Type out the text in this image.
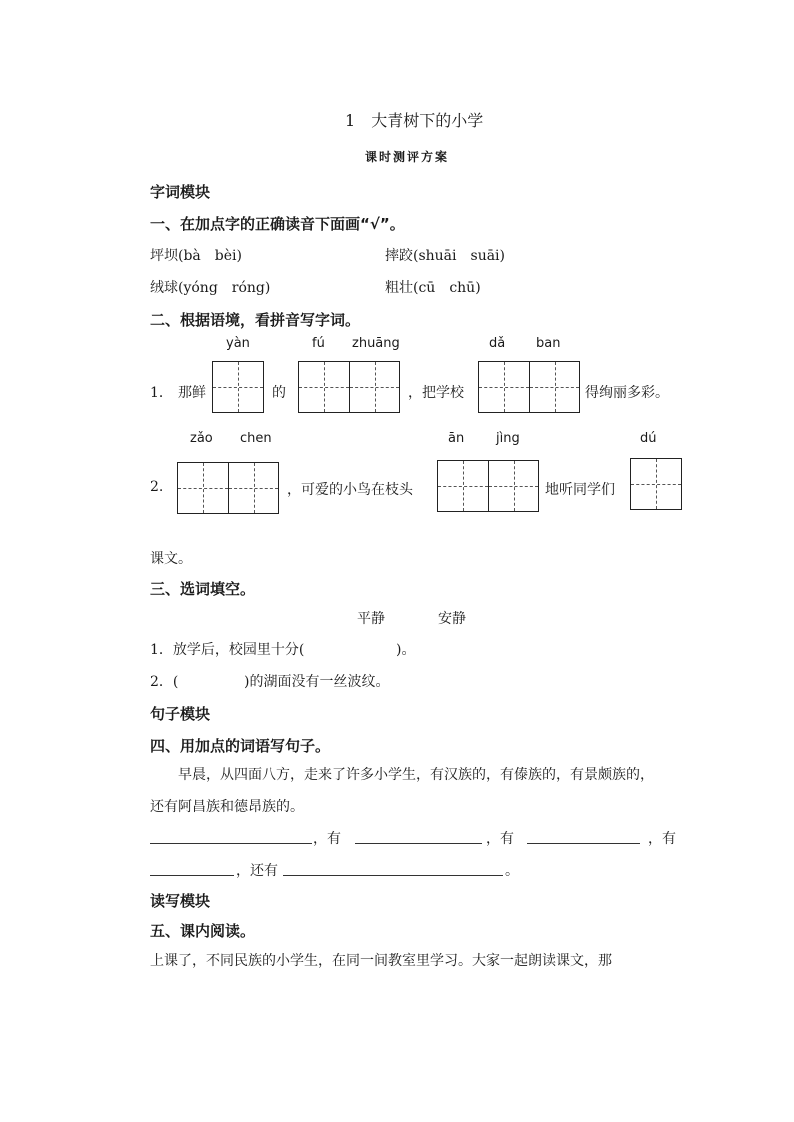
1 大青树下的小学
课时测评方案
字词模块
一、在加点字的正确读音下面画“√”。
坪坝(bà　bèi)	摔跤(shuāi　suāi)
绒球(yóng　róng)	粗壮(cū　chū)
二、根据语境，看拼音写字词。
yàn	fú zhuāng	dǎ ban
1． 那鲜	的	，把学校	得绚丽多彩。
zǎo chen	ān jìng	dú
2.	，可爱的小鸟在枝头	地听同学们
课文。
三、选词填空。
平静	安静
1．放学后，校园里十分(	)。
2．(	)的湖面没有一丝波纹。
句子模块
四、用加点的词语写句子。
早晨，从四面八方，走来了许多小学生，有汉族的，有傣族的，有景颇族的，
还有阿昌族和德昂族的。
，有	，有	，有
，还有	。
读写模块
五、课内阅读。
上课了，不同民族的小学生，在同一间教室里学习。大家一起朗读课文，那
